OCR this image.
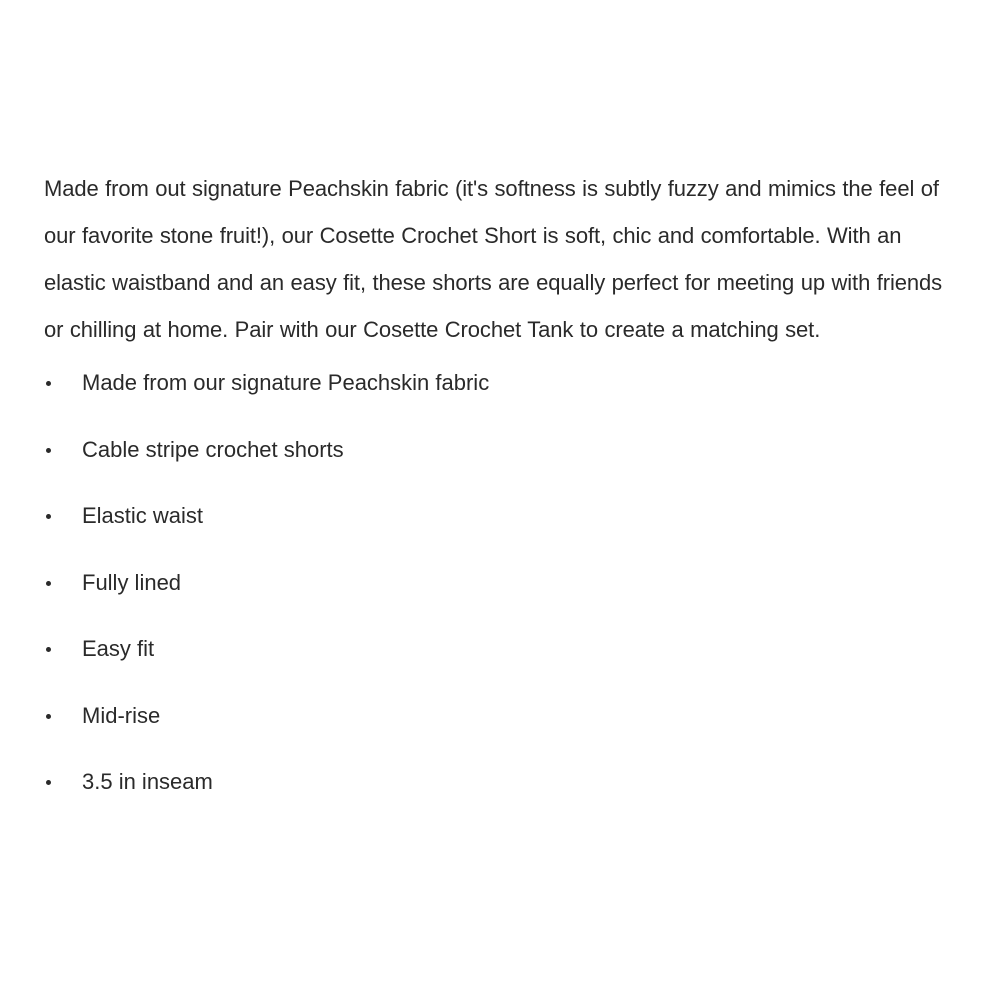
Made from out signature Peachskin fabric (it's softness is subtly fuzzy and mimics the feel of our favorite stone fruit!), our Cosette Crochet Short is soft, chic and comfortable. With an elastic waistband and an easy fit, these shorts are equally perfect for meeting up with friends or chilling at home. Pair with our Cosette Crochet Tank to create a matching set.

Made from our signature Peachskin fabric
Cable stripe crochet shorts
Elastic waist
Fully lined
Easy fit
Mid-rise
3.5 in inseam
